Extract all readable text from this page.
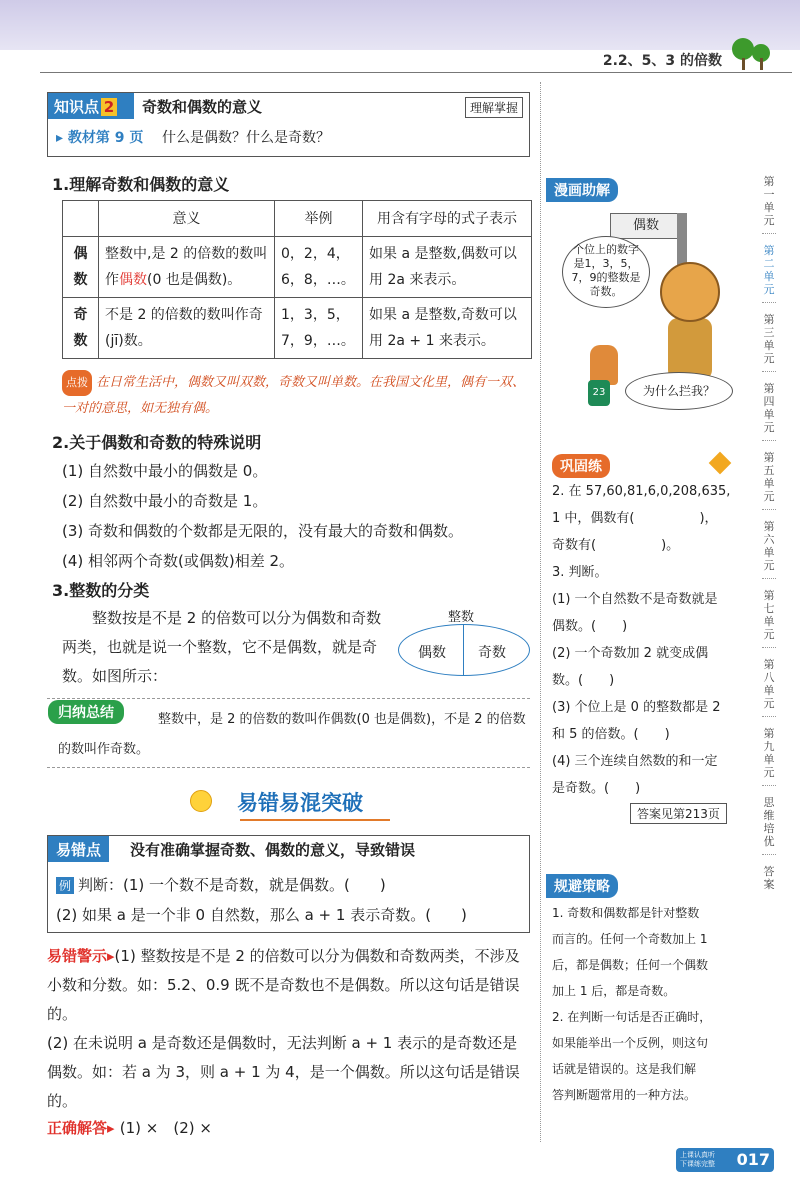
2.2、5、3 的倍数
知识点 2	奇数和偶数的意义	理解掌握
▸ 教材第 9 页 什么是偶数？什么是奇数？
1.理解奇数和偶数的意义
	意义	举例	用含有字母的式子表示
偶数	整数中,是 2 的倍数的数叫作偶数(0 也是偶数)。	0，2，4，6，8，…。	如果 a 是整数,偶数可以用 2a 来表示。
奇数	不是 2 的倍数的数叫作奇(jī)数。	1，3，5，7，9，…。	如果 a 是整数,奇数可以用 2a + 1 来表示。
点拨 在日常生活中，偶数又叫双数，奇数又叫单数。在我国文化里，偶有一双、一对的意思，如无独有偶。
2.关于偶数和奇数的特殊说明
(1) 自然数中最小的偶数是 0。
(2) 自然数中最小的奇数是 1。
(3) 奇数和偶数的个数都是无限的，没有最大的奇数和偶数。
(4) 相邻两个奇数(或偶数)相差 2。
3.整数的分类
整数按是不是 2 的倍数可以分为偶数和奇数两类，也就是说一个整数，它不是偶数，就是奇数。如图所示：
整数
偶数 奇数
归纳总结	整数中，是 2 的倍数的数叫作偶数(0 也是偶数)，不是 2 的倍数的数叫作奇数。
易错易混突破
易错点	没有准确掌握奇数、偶数的意义，导致错误
例 判断：(1) 一个数不是奇数，就是偶数。(　　)
(2) 如果 a 是一个非 0 自然数，那么 a + 1 表示奇数。(　　)
易错警示▸(1) 整数按是不是 2 的倍数可以分为偶数和奇数两类，不涉及小数和分数。如：5.2、0.9 既不是奇数也不是偶数。所以这句话是错误的。
(2) 在未说明 a 是奇数还是偶数时，无法判断 a + 1 表示的是奇数还是偶数。如：若 a 为 3，则 a + 1 为 4，是一个偶数。所以这句话是错误的。
正确解答▸ (1) ×　(2) ×
漫画助解
偶数
个位上的数字是1，3，5，7，9的整数是奇数。
23	为什么拦我？
巩固练
2. 在 57,60,81,6,0,208,635,
1 中，偶数有(　　　　　)，
奇数有(　　　　　)。
3. 判断。
(1) 一个自然数不是奇数就是
偶数。(　　)
(2) 一个奇数加 2 就变成偶
数。(　　)
(3) 个位上是 0 的整数都是 2
和 5 的倍数。(　　)
(4) 三个连续自然数的和一定
是奇数。(　　)
答案见第213页
规避策略
1. 奇数和偶数都是针对整数
而言的。任何一个奇数加上 1
后，都是偶数；任何一个偶数
加上 1 后，都是奇数。
2. 在判断一句话是否正确时，
如果能举出一个反例，则这句
话就是错误的。这是我们解
答判断题常用的一种方法。
第一单元
第二单元
第三单元
第四单元
第五单元
第六单元
第七单元
第八单元
第九单元
思维培优
答案
上课认真听
下课练完整 017
